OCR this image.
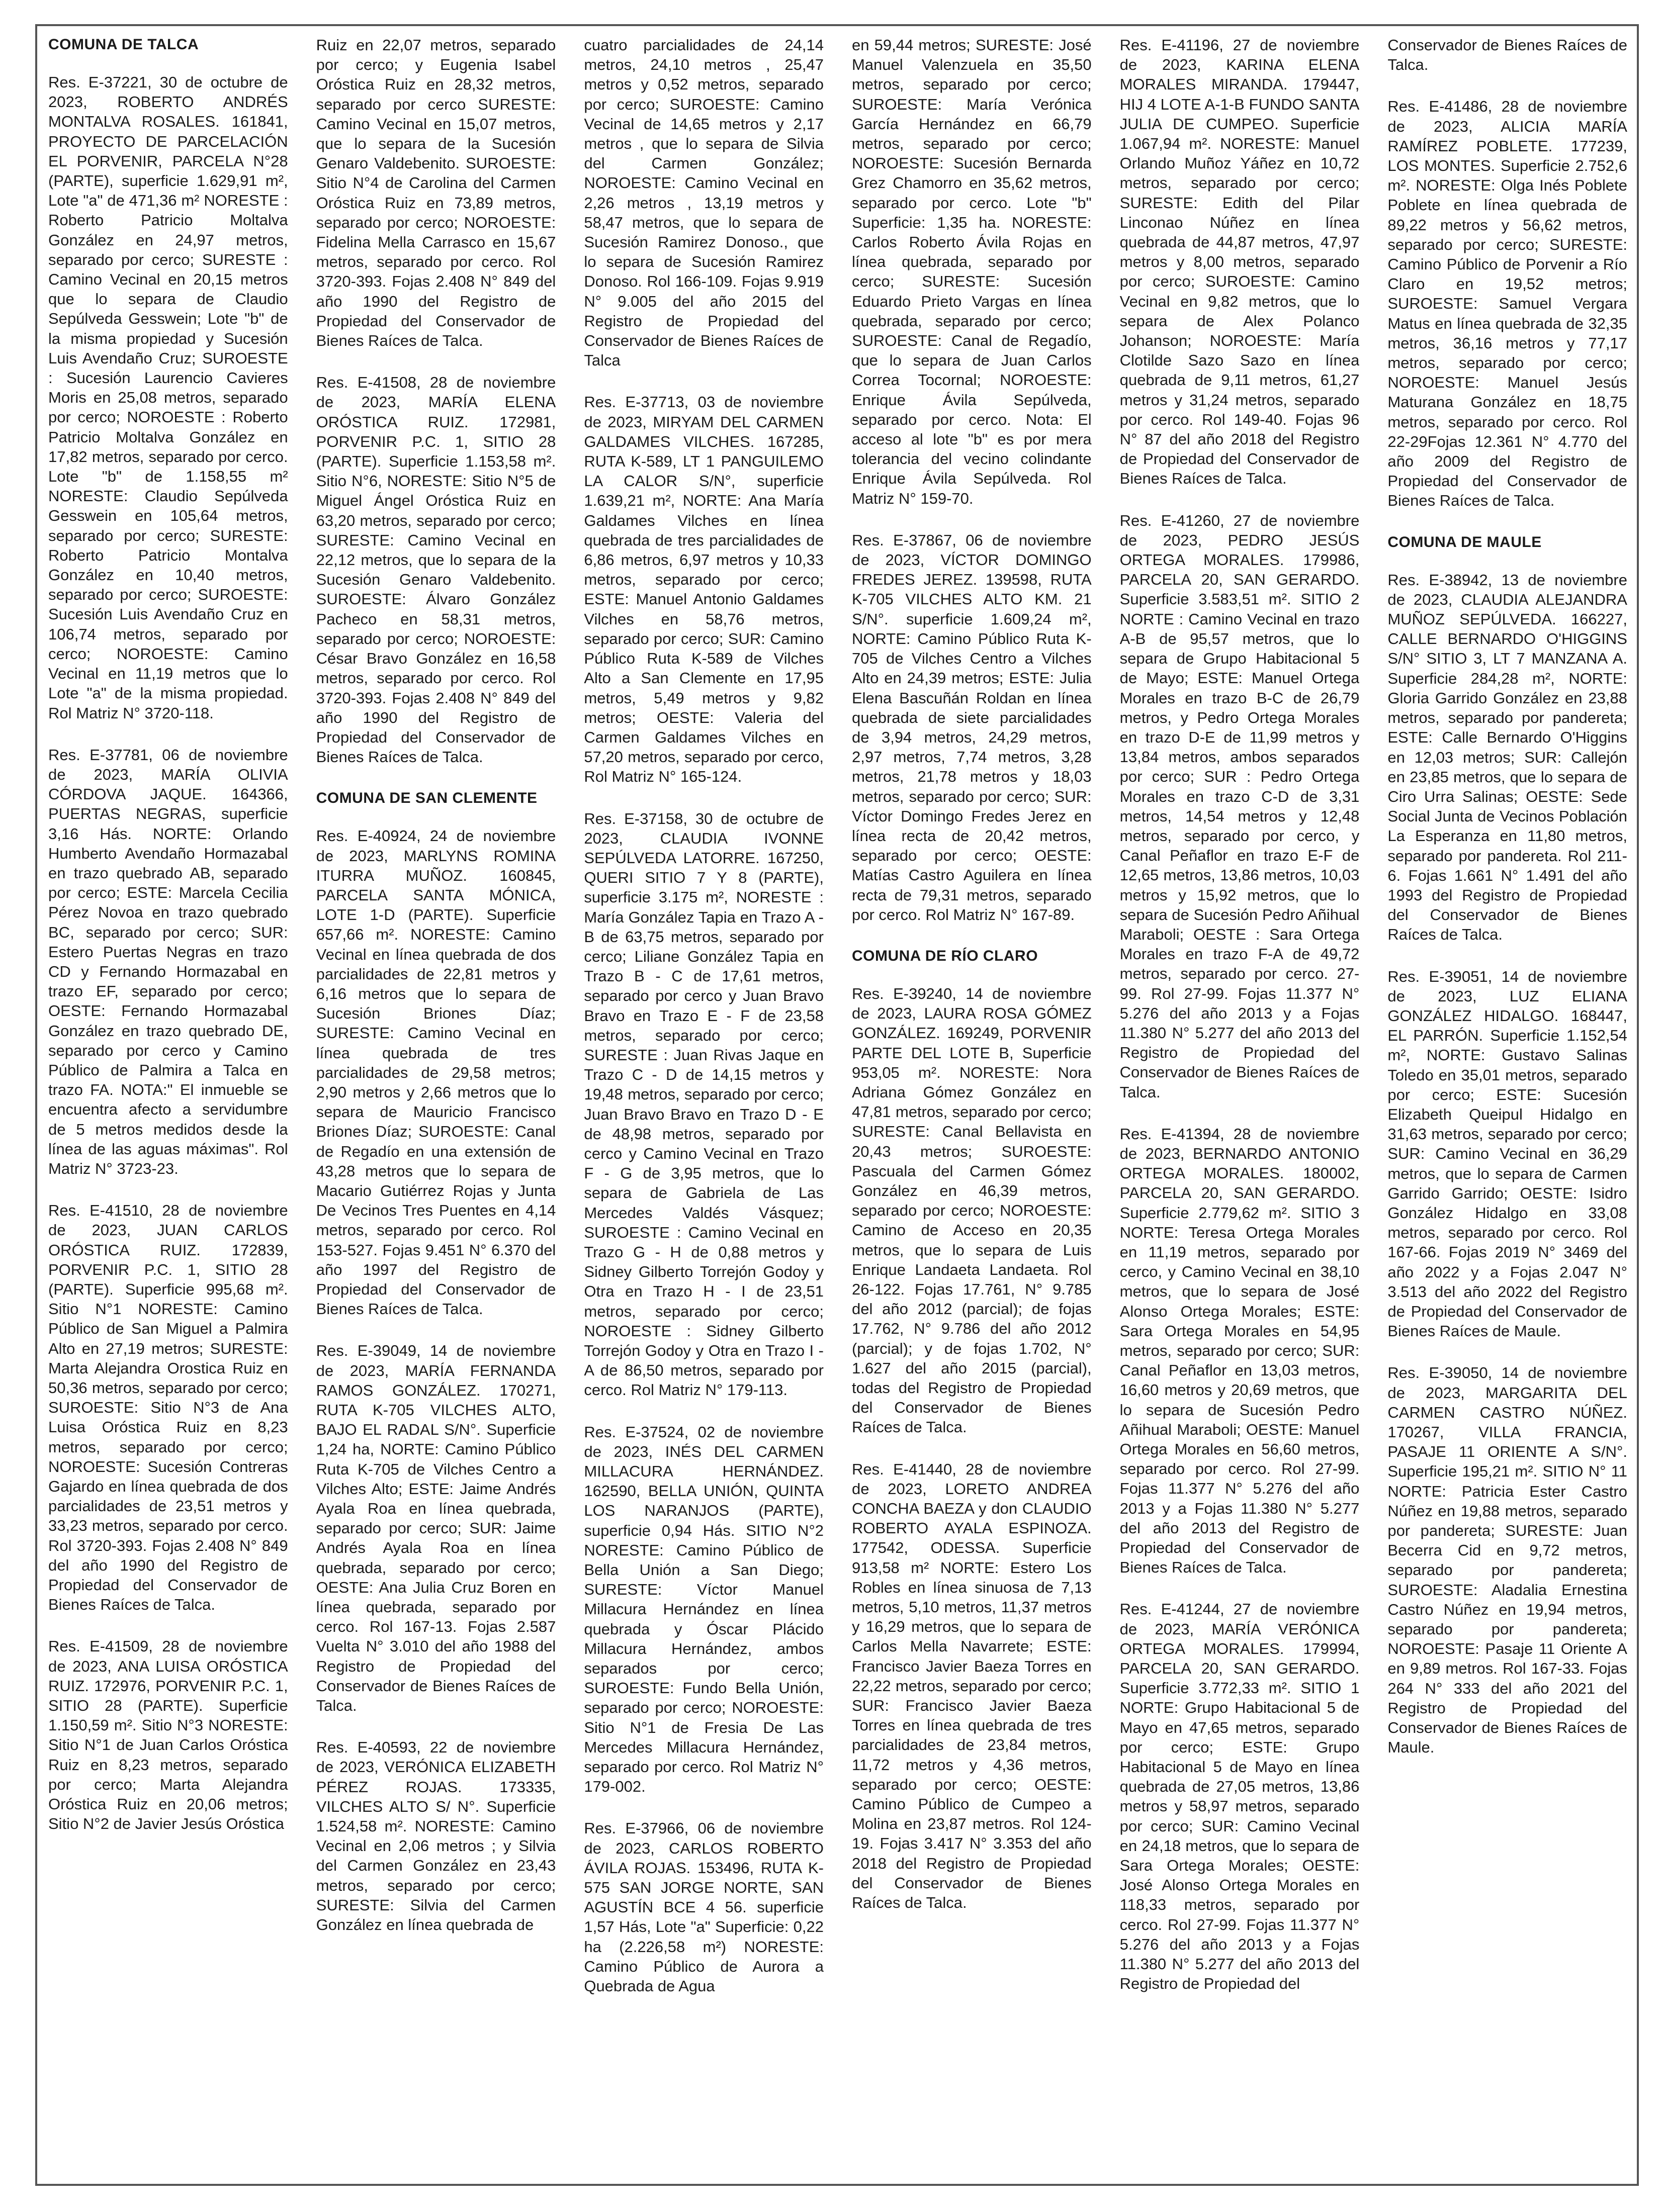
COMUNA DE TALCA

Res. E-37221, 30 de octubre de 2023, ROBERTO ANDRÉS MONTALVA ROSALES. 161841, PROYECTO DE PARCELACIÓN EL PORVENIR, PARCELA N°28 (PARTE), superficie 1.629,91 m², Lote "a" de 471,36 m² NORESTE : Roberto Patricio Moltalva González en 24,97 metros, separado por cerco; SURESTE : Camino Vecinal en 20,15 metros que lo separa de Claudio Sepúlveda Gesswein; Lote "b" de la misma propiedad y Sucesión Luis Avendaño Cruz; SUROESTE : Sucesión Laurencio Cavieres Moris en 25,08 metros, separado por cerco; NOROESTE : Roberto Patricio Moltalva González en 17,82 metros, separado por cerco. Lote "b" de 1.158,55 m² NORESTE: Claudio Sepúlveda Gesswein en 105,64 metros, separado por cerco; SURESTE: Roberto Patricio Montalva González en 10,40 metros, separado por cerco; SUROESTE: Sucesión Luis Avendaño Cruz en 106,74 metros, separado por cerco; NOROESTE: Camino Vecinal en 11,19 metros que lo Lote "a" de la misma propiedad. Rol Matriz N° 3720-118.

Res. E-37781, 06 de noviembre de 2023, MARÍA OLIVIA CÓRDOVA JAQUE. 164366, PUERTAS NEGRAS, superficie 3,16 Hás. NORTE: Orlando Humberto Avendaño Hormazabal en trazo quebrado AB, separado por cerco; ESTE: Marcela Cecilia Pérez Novoa en trazo quebrado BC, separado por cerco; SUR: Estero Puertas Negras en trazo CD y Fernando Hormazabal en trazo EF, separado por cerco; OESTE: Fernando Hormazabal González en trazo quebrado DE, separado por cerco y Camino Público de Palmira a Talca en trazo FA. NOTA:" El inmueble se encuentra afecto a servidumbre de 5 metros medidos desde la línea de las aguas máximas". Rol Matriz N° 3723-23.

Res. E-41510, 28 de noviembre de 2023, JUAN CARLOS ORÓSTICA RUIZ. 172839, PORVENIR P.C. 1, SITIO 28 (PARTE). Superficie 995,68 m². Sitio N°1 NORESTE: Camino Público de San Miguel a Palmira Alto en 27,19 metros; SURESTE: Marta Alejandra Orostica Ruiz en 50,36 metros, separado por cerco; SUROESTE: Sitio N°3 de Ana Luisa Oróstica Ruiz en 8,23 metros, separado por cerco; NOROESTE: Sucesión Contreras Gajardo en línea quebrada de dos parcialidades de 23,51 metros y 33,23 metros, separado por cerco. Rol 3720-393. Fojas 2.408 N° 849 del año 1990 del Registro de Propiedad del Conservador de Bienes Raíces de Talca.

Res. E-41509, 28 de noviembre de 2023, ANA LUISA ORÓSTICA RUIZ. 172976, PORVENIR P.C. 1, SITIO 28 (PARTE). Superficie 1.150,59 m². Sitio N°3 NORESTE: Sitio N°1 de Juan Carlos Oróstica Ruiz en 8,23 metros, separado por cerco; Marta Alejandra Oróstica Ruiz en 20,06 metros; Sitio N°2 de Javier Jesús Oróstica

Ruiz en 22,07 metros, separado por cerco; y Eugenia Isabel Oróstica Ruiz en 28,32 metros, separado por cerco SURESTE: Camino Vecinal en 15,07 metros, que lo separa de la Sucesión Genaro Valdebenito. SUROESTE: Sitio N°4 de Carolina del Carmen Oróstica Ruiz en 73,89 metros, separado por cerco; NOROESTE: Fidelina Mella Carrasco en 15,67 metros, separado por cerco. Rol 3720-393. Fojas 2.408 N° 849 del año 1990 del Registro de Propiedad del Conservador de Bienes Raíces de Talca.

Res. E-41508, 28 de noviembre de 2023, MARÍA ELENA ORÓSTICA RUIZ. 172981, PORVENIR P.C. 1, SITIO 28 (PARTE). Superficie 1.153,58 m². Sitio N°6, NORESTE: Sitio N°5 de Miguel Ángel Oróstica Ruiz en 63,20 metros, separado por cerco; SURESTE: Camino Vecinal en 22,12 metros, que lo separa de la Sucesión Genaro Valdebenito. SUROESTE: Álvaro González Pacheco en 58,31 metros, separado por cerco; NOROESTE: César Bravo González en 16,58 metros, separado por cerco. Rol 3720-393. Fojas 2.408 N° 849 del año 1990 del Registro de Propiedad del Conservador de Bienes Raíces de Talca.

COMUNA DE SAN CLEMENTE

Res. E-40924, 24 de noviembre de 2023, MARLYNS ROMINA ITURRA MUÑOZ. 160845, PARCELA SANTA MÓNICA, LOTE 1-D (PARTE). Superficie 657,66 m². NORESTE: Camino Vecinal en línea quebrada de dos parcialidades de 22,81 metros y 6,16 metros que lo separa de Sucesión Briones Díaz; SURESTE: Camino Vecinal en línea quebrada de tres parcialidades de 29,58 metros; 2,90 metros y 2,66 metros que lo separa de Mauricio Francisco Briones Díaz; SUROESTE: Canal de Regadío en una extensión de 43,28 metros que lo separa de Macario Gutiérrez Rojas y Junta De Vecinos Tres Puentes en 4,14 metros, separado por cerco. Rol 153-527. Fojas 9.451 N° 6.370 del año 1997 del Registro de Propiedad del Conservador de Bienes Raíces de Talca.

Res. E-39049, 14 de noviembre de 2023, MARÍA FERNANDA RAMOS GONZÁLEZ. 170271, RUTA K-705 VILCHES ALTO, BAJO EL RADAL S/N°. Superficie 1,24 ha, NORTE: Camino Público Ruta K-705 de Vilches Centro a Vilches Alto; ESTE: Jaime Andrés Ayala Roa en línea quebrada, separado por cerco; SUR: Jaime Andrés Ayala Roa en línea quebrada, separado por cerco; OESTE: Ana Julia Cruz Boren en línea quebrada, separado por cerco. Rol 167-13. Fojas 2.587 Vuelta N° 3.010 del año 1988 del Registro de Propiedad del Conservador de Bienes Raíces de Talca.

Res. E-40593, 22 de noviembre de 2023, VERÓNICA ELIZABETH PÉREZ ROJAS. 173335, VILCHES ALTO S/ N°. Superficie 1.524,58 m². NORESTE: Camino Vecinal en 2,06 metros ; y Silvia del Carmen González en 23,43 metros, separado por cerco; SURESTE: Silvia del Carmen González en línea quebrada de

cuatro parcialidades de 24,14 metros, 24,10 metros , 25,47 metros y 0,52 metros, separado por cerco; SUROESTE: Camino Vecinal de 14,65 metros y 2,17 metros , que lo separa de Silvia del Carmen González; NOROESTE: Camino Vecinal en 2,26 metros , 13,19 metros y 58,47 metros, que lo separa de Sucesión Ramirez Donoso., que lo separa de Sucesión Ramirez Donoso. Rol 166-109. Fojas 9.919 N° 9.005 del año 2015 del Registro de Propiedad del Conservador de Bienes Raíces de Talca

Res. E-37713, 03 de noviembre de 2023, MIRYAM DEL CARMEN GALDAMES VILCHES. 167285, RUTA K-589, LT 1 PANGUILEMO LA CALOR S/N°, superficie 1.639,21 m², NORTE: Ana María Galdames Vilches en línea quebrada de tres parcialidades de 6,86 metros, 6,97 metros y 10,33 metros, separado por cerco; ESTE: Manuel Antonio Galdames Vilches en 58,76 metros, separado por cerco; SUR: Camino Público Ruta K-589 de Vilches Alto a San Clemente en 17,95 metros, 5,49 metros y 9,82 metros; OESTE: Valeria del Carmen Galdames Vilches en 57,20 metros, separado por cerco, Rol Matriz N° 165-124.

Res. E-37158, 30 de octubre de 2023, CLAUDIA IVONNE SEPÚLVEDA LATORRE. 167250, QUERI SITIO 7 Y 8 (PARTE), superficie 3.175 m², NORESTE : María González Tapia en Trazo A - B de 63,75 metros, separado por cerco; Liliane González Tapia en Trazo B - C de 17,61 metros, separado por cerco y Juan Bravo Bravo en Trazo E - F de 23,58 metros, separado por cerco; SURESTE : Juan Rivas Jaque en Trazo C - D de 14,15 metros y 19,48 metros, separado por cerco; Juan Bravo Bravo en Trazo D - E de 48,98 metros, separado por cerco y Camino Vecinal en Trazo F - G de 3,95 metros, que lo separa de Gabriela de Las Mercedes Valdés Vásquez; SUROESTE : Camino Vecinal en Trazo G - H de 0,88 metros y Sidney Gilberto Torrejón Godoy y Otra en Trazo H - I de 23,51 metros, separado por cerco; NOROESTE : Sidney Gilberto Torrejón Godoy y Otra en Trazo I - A de 86,50 metros, separado por cerco. Rol Matriz N° 179-113.

Res. E-37524, 02 de noviembre de 2023, INÉS DEL CARMEN MILLACURA HERNÁNDEZ. 162590, BELLA UNIÓN, QUINTA LOS NARANJOS (PARTE), superficie 0,94 Hás. SITIO N°2 NORESTE: Camino Público de Bella Unión a San Diego; SURESTE: Víctor Manuel Millacura Hernández en línea quebrada y Óscar Plácido Millacura Hernández, ambos separados por cerco; SUROESTE: Fundo Bella Unión, separado por cerco; NOROESTE: Sitio N°1 de Fresia De Las Mercedes Millacura Hernández, separado por cerco. Rol Matriz N° 179-002.

Res. E-37966, 06 de noviembre de 2023, CARLOS ROBERTO ÁVILA ROJAS. 153496, RUTA K-575 SAN JORGE NORTE, SAN AGUSTÍN BCE 4 56. superficie 1,57 Hás, Lote "a" Superficie: 0,22 ha (2.226,58 m²) NORESTE: Camino Público de Aurora a Quebrada de Agua

en 59,44 metros; SURESTE: José Manuel Valenzuela en 35,50 metros, separado por cerco; SUROESTE: María Verónica García Hernández en 66,79 metros, separado por cerco; NOROESTE: Sucesión Bernarda Grez Chamorro en 35,62 metros, separado por cerco. Lote "b" Superficie: 1,35 ha. NORESTE: Carlos Roberto Ávila Rojas en línea quebrada, separado por cerco; SURESTE: Sucesión Eduardo Prieto Vargas en línea quebrada, separado por cerco; SUROESTE: Canal de Regadío, que lo separa de Juan Carlos Correa Tocornal; NOROESTE: Enrique Ávila Sepúlveda, separado por cerco. Nota: El acceso al lote "b" es por mera tolerancia del vecino colindante Enrique Ávila Sepúlveda. Rol Matriz N° 159-70.

Res. E-37867, 06 de noviembre de 2023, VÍCTOR DOMINGO FREDES JEREZ. 139598, RUTA K-705 VILCHES ALTO KM. 21 S/N°. superficie 1.609,24 m², NORTE: Camino Público Ruta K-705 de Vilches Centro a Vilches Alto en 24,39 metros; ESTE: Julia Elena Bascuñán Roldan en línea quebrada de siete parcialidades de 3,94 metros, 24,29 metros, 2,97 metros, 7,74 metros, 3,28 metros, 21,78 metros y 18,03 metros, separado por cerco; SUR: Víctor Domingo Fredes Jerez en línea recta de 20,42 metros, separado por cerco; OESTE: Matías Castro Aguilera en línea recta de 79,31 metros, separado por cerco. Rol Matriz N° 167-89.

COMUNA DE RÍO CLARO

Res. E-39240, 14 de noviembre de 2023, LAURA ROSA GÓMEZ GONZÁLEZ. 169249, PORVENIR PARTE DEL LOTE B, Superficie 953,05 m². NORESTE: Nora Adriana Gómez González en 47,81 metros, separado por cerco; SURESTE: Canal Bellavista en 20,43 metros; SUROESTE: Pascuala del Carmen Gómez González en 46,39 metros, separado por cerco; NOROESTE: Camino de Acceso en 20,35 metros, que lo separa de Luis Enrique Landaeta Landaeta. Rol 26-122. Fojas 17.761, N° 9.785 del año 2012 (parcial); de fojas 17.762, N° 9.786 del año 2012 (parcial); y de fojas 1.702, N° 1.627 del año 2015 (parcial), todas del Registro de Propiedad del Conservador de Bienes Raíces de Talca.

Res. E-41440, 28 de noviembre de 2023, LORETO ANDREA CONCHA BAEZA y don CLAUDIO ROBERTO AYALA ESPINOZA. 177542, ODESSA. Superficie 913,58 m² NORTE: Estero Los Robles en línea sinuosa de 7,13 metros, 5,10 metros, 11,37 metros y 16,29 metros, que lo separa de Carlos Mella Navarrete; ESTE: Francisco Javier Baeza Torres en 22,22 metros, separado por cerco; SUR: Francisco Javier Baeza Torres en línea quebrada de tres parcialidades de 23,84 metros, 11,72 metros y 4,36 metros, separado por cerco; OESTE: Camino Público de Cumpeo a Molina en 23,87 metros. Rol 124-19. Fojas 3.417 N° 3.353 del año 2018 del Registro de Propiedad del Conservador de Bienes Raíces de Talca.

Res. E-41196, 27 de noviembre de 2023, KARINA ELENA MORALES MIRANDA. 179447, HIJ 4 LOTE A-1-B FUNDO SANTA JULIA DE CUMPEO. Superficie 1.067,94 m². NORESTE: Manuel Orlando Muñoz Yáñez en 10,72 metros, separado por cerco; SURESTE: Edith del Pilar Linconao Núñez en línea quebrada de 44,87 metros, 47,97 metros y 8,00 metros, separado por cerco; SUROESTE: Camino Vecinal en 9,82 metros, que lo separa de Alex Polanco Johanson; NOROESTE: María Clotilde Sazo Sazo en línea quebrada de 9,11 metros, 61,27 metros y 31,24 metros, separado por cerco. Rol 149-40. Fojas 96 N° 87 del año 2018 del Registro de Propiedad del Conservador de Bienes Raíces de Talca.

Res. E-41260, 27 de noviembre de 2023, PEDRO JESÚS ORTEGA MORALES. 179986, PARCELA 20, SAN GERARDO. Superficie 3.583,51 m². SITIO 2 NORTE : Camino Vecinal en trazo A-B de 95,57 metros, que lo separa de Grupo Habitacional 5 de Mayo; ESTE: Manuel Ortega Morales en trazo B-C de 26,79 metros, y Pedro Ortega Morales en trazo D-E de 11,99 metros y 13,84 metros, ambos separados por cerco; SUR : Pedro Ortega Morales en trazo C-D de 3,31 metros, 14,54 metros y 12,48 metros, separado por cerco, y Canal Peñaflor en trazo E-F de 12,65 metros, 13,86 metros, 10,03 metros y 15,92 metros, que lo separa de Sucesión Pedro Añihual Maraboli; OESTE : Sara Ortega Morales en trazo F-A de 49,72 metros, separado por cerco. 27-99. Rol 27-99. Fojas 11.377 N° 5.276 del año 2013 y a Fojas 11.380 N° 5.277 del año 2013 del Registro de Propiedad del Conservador de Bienes Raíces de Talca.

Res. E-41394, 28 de noviembre de 2023, BERNARDO ANTONIO ORTEGA MORALES. 180002, PARCELA 20, SAN GERARDO. Superficie 2.779,62 m². SITIO 3 NORTE: Teresa Ortega Morales en 11,19 metros, separado por cerco, y Camino Vecinal en 38,10 metros, que lo separa de José Alonso Ortega Morales; ESTE: Sara Ortega Morales en 54,95 metros, separado por cerco; SUR: Canal Peñaflor en 13,03 metros, 16,60 metros y 20,69 metros, que lo separa de Sucesión Pedro Añihual Maraboli; OESTE: Manuel Ortega Morales en 56,60 metros, separado por cerco. Rol 27-99. Fojas 11.377 N° 5.276 del año 2013 y a Fojas 11.380 N° 5.277 del año 2013 del Registro de Propiedad del Conservador de Bienes Raíces de Talca.

Res. E-41244, 27 de noviembre de 2023, MARÍA VERÓNICA ORTEGA MORALES. 179994, PARCELA 20, SAN GERARDO. Superficie 3.772,33 m². SITIO 1 NORTE: Grupo Habitacional 5 de Mayo en 47,65 metros, separado por cerco; ESTE: Grupo Habitacional 5 de Mayo en línea quebrada de 27,05 metros, 13,86 metros y 58,97 metros, separado por cerco; SUR: Camino Vecinal en 24,18 metros, que lo separa de Sara Ortega Morales; OESTE: José Alonso Ortega Morales en 118,33 metros, separado por cerco. Rol 27-99. Fojas 11.377 N° 5.276 del año 2013 y a Fojas 11.380 N° 5.277 del año 2013 del Registro de Propiedad del

Conservador de Bienes Raíces de Talca.

Res. E-41486, 28 de noviembre de 2023, ALICIA MARÍA RAMÍREZ POBLETE. 177239, LOS MONTES. Superficie 2.752,6 m². NORESTE: Olga Inés Poblete Poblete en línea quebrada de 89,22 metros y 56,62 metros, separado por cerco; SURESTE: Camino Público de Porvenir a Río Claro en 19,52 metros; SUROESTE: Samuel Vergara Matus en línea quebrada de 32,35 metros, 36,16 metros y 77,17 metros, separado por cerco; NOROESTE: Manuel Jesús Maturana González en 18,75 metros, separado por cerco. Rol 22-29Fojas 12.361 N° 4.770 del año 2009 del Registro de Propiedad del Conservador de Bienes Raíces de Talca.

COMUNA DE MAULE

Res. E-38942, 13 de noviembre de 2023, CLAUDIA ALEJANDRA MUÑOZ SEPÚLVEDA. 166227, CALLE BERNARDO O'HIGGINS S/N° SITIO 3, LT 7 MANZANA A. Superficie 284,28 m², NORTE: Gloria Garrido González en 23,88 metros, separado por pandereta; ESTE: Calle Bernardo O'Higgins en 12,03 metros; SUR: Callejón en 23,85 metros, que lo separa de Ciro Urra Salinas; OESTE: Sede Social Junta de Vecinos Población La Esperanza en 11,80 metros, separado por pandereta. Rol 211-6. Fojas 1.661 N° 1.491 del año 1993 del Registro de Propiedad del Conservador de Bienes Raíces de Talca.

Res. E-39051, 14 de noviembre de 2023, LUZ ELIANA GONZÁLEZ HIDALGO. 168447, EL PARRÓN. Superficie 1.152,54 m², NORTE: Gustavo Salinas Toledo en 35,01 metros, separado por cerco; ESTE: Sucesión Elizabeth Queipul Hidalgo en 31,63 metros, separado por cerco; SUR: Camino Vecinal en 36,29 metros, que lo separa de Carmen Garrido Garrido; OESTE: Isidro González Hidalgo en 33,08 metros, separado por cerco. Rol 167-66. Fojas 2019 N° 3469 del año 2022 y a Fojas 2.047 N° 3.513 del año 2022 del Registro de Propiedad del Conservador de Bienes Raíces de Maule.

Res. E-39050, 14 de noviembre de 2023, MARGARITA DEL CARMEN CASTRO NÚÑEZ. 170267, VILLA FRANCIA, PASAJE 11 ORIENTE A S/N°. Superficie 195,21 m². SITIO N° 11 NORTE: Patricia Ester Castro Núñez en 19,88 metros, separado por pandereta; SURESTE: Juan Becerra Cid en 9,72 metros, separado por pandereta; SUROESTE: Aladalia Ernestina Castro Núñez en 19,94 metros, separado por pandereta; NOROESTE: Pasaje 11 Oriente A en 9,89 metros. Rol 167-33. Fojas 264 N° 333 del año 2021 del Registro de Propiedad del Conservador de Bienes Raíces de Maule.
